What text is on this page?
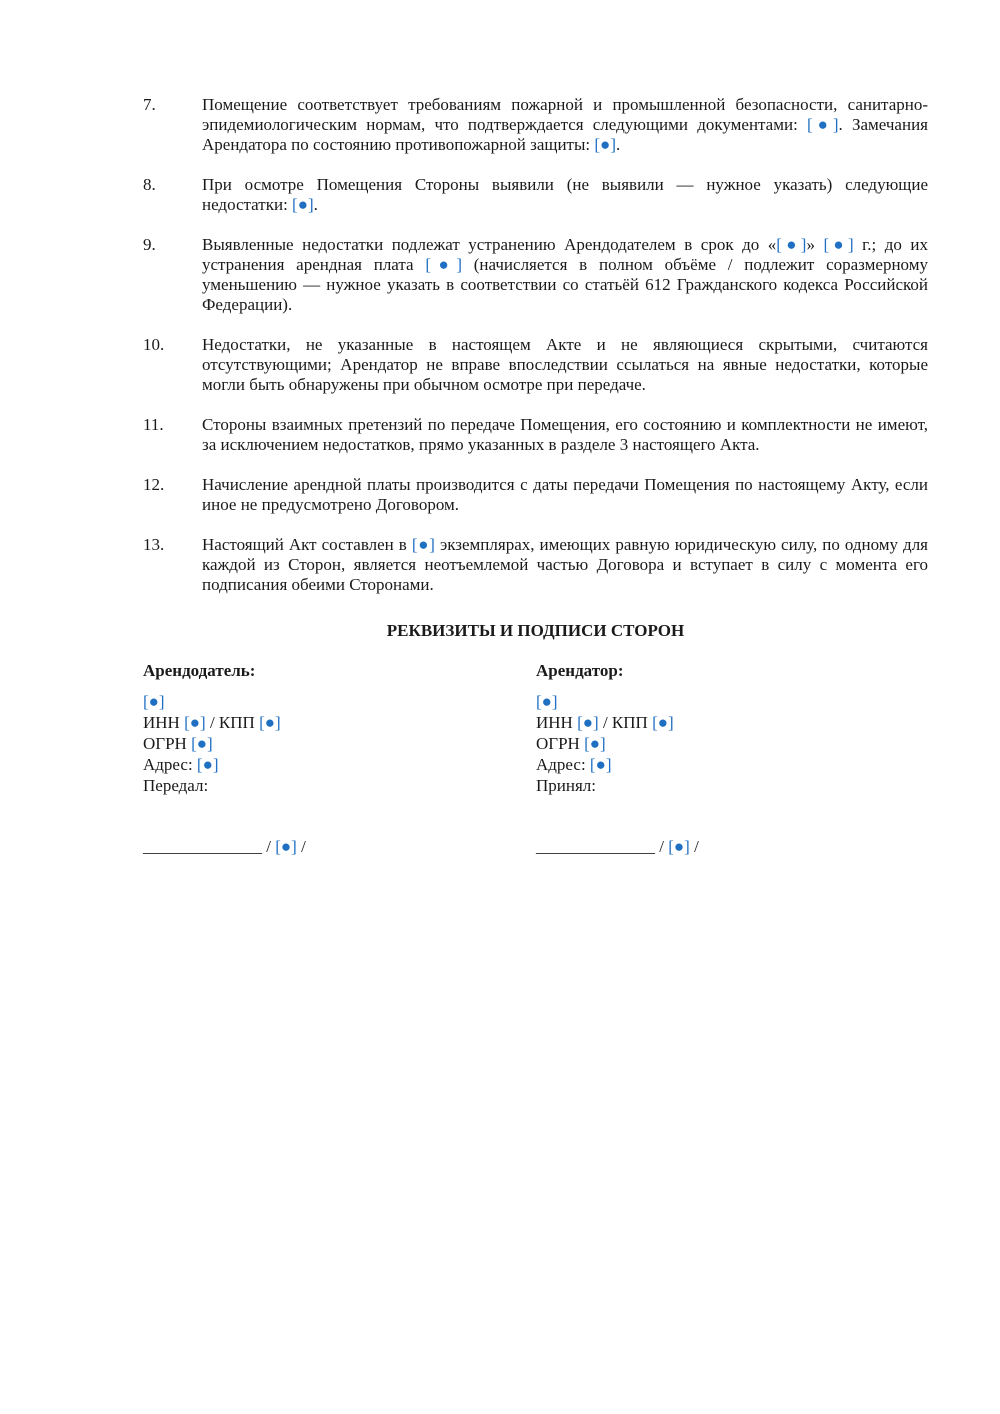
7.	Помещение соответствует требованиям пожарной и промышленной безопасности, санитарно-эпидемиологическим нормам, что подтверждается следующими документами: [●]. Замечания Арендатора по состоянию противопожарной защиты: [●].
8.	При осмотре Помещения Стороны выявили (не выявили — нужное указать) следующие недостатки: [●].
9.	Выявленные недостатки подлежат устранению Арендодателем в срок до «[●]» [●] г.; до их устранения арендная плата [●] (начисляется в полном объёме / подлежит соразмерному уменьшению — нужное указать в соответствии со статьёй 612 Гражданского кодекса Российской Федерации).
10.	Недостатки, не указанные в настоящем Акте и не являющиеся скрытыми, считаются отсутствующими; Арендатор не вправе впоследствии ссылаться на явные недостатки, которые могли быть обнаружены при обычном осмотре при передаче.
11.	Стороны взаимных претензий по передаче Помещения, его состоянию и комплектности не имеют, за исключением недостатков, прямо указанных в разделе 3 настоящего Акта.
12.	Начисление арендной платы производится с даты передачи Помещения по настоящему Акту, если иное не предусмотрено Договором.
13.	Настоящий Акт составлен в [●] экземплярах, имеющих равную юридическую силу, по одному для каждой из Сторон, является неотъемлемой частью Договора и вступает в силу с момента его подписания обеими Сторонами.
РЕКВИЗИТЫ И ПОДПИСИ СТОРОН
Арендодатель:
[●]
ИНН [●] / КПП [●]
ОГРН [●]
Адрес: [●]
Передал:
______________ / [●] /
Арендатор:
[●]
ИНН [●] / КПП [●]
ОГРН [●]
Адрес: [●]
Принял:
______________ / [●] /
